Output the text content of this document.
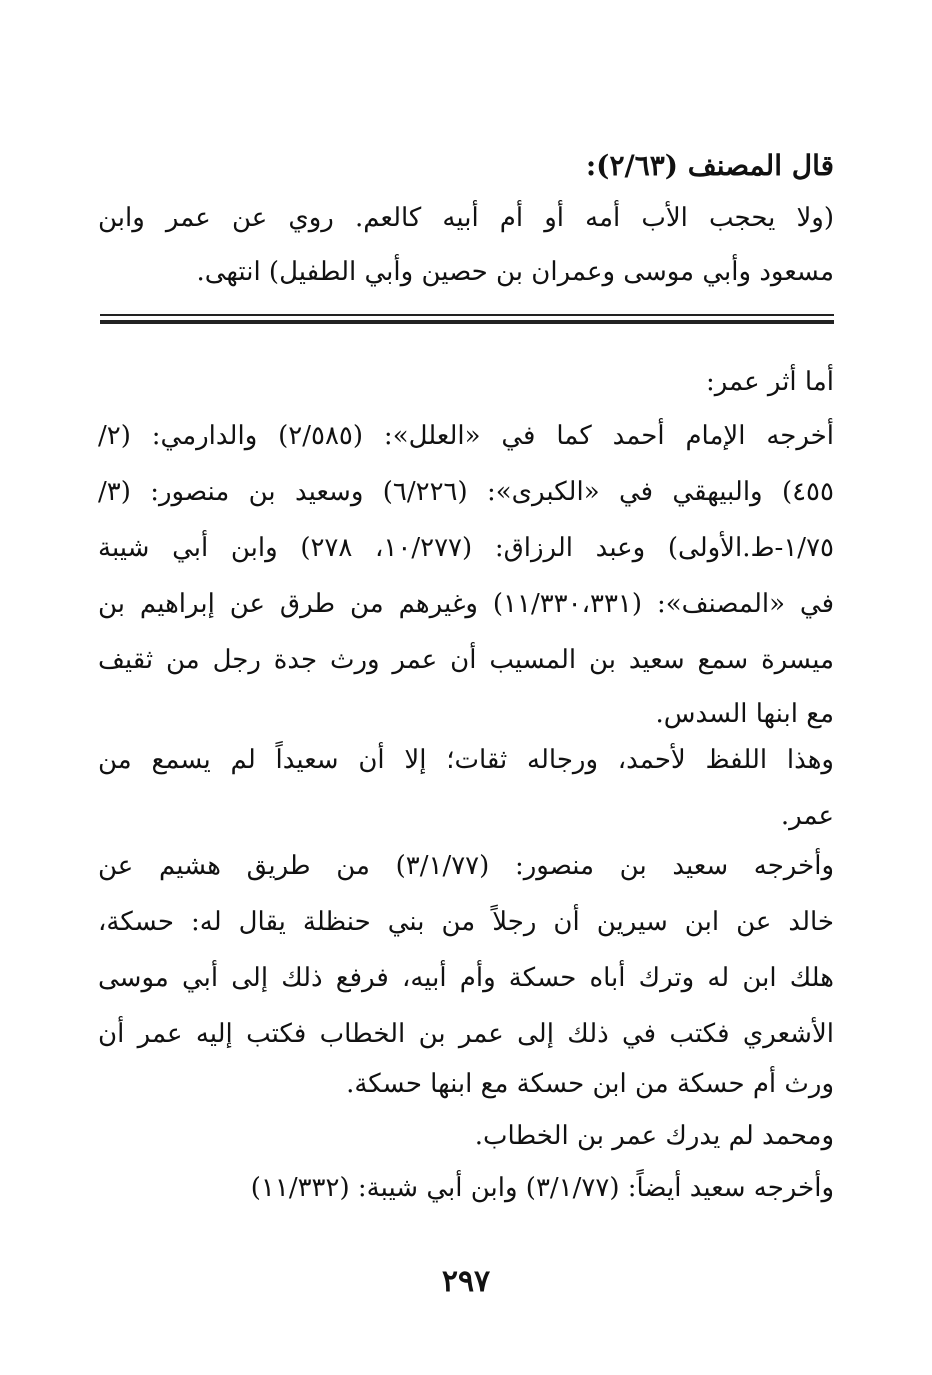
قال المصنف (٢/٦٣):
(ولا يحجب الأب أمه أو أم أبيه كالعم. روي عن عمر وابن
مسعود وأبي موسى وعمران بن حصين وأبي الطفيل) انتهى.
أما أثر عمر:
أخرجه الإمام أحمد كما في «العلل»: (٢/٥٨٥) والدارمي: (٢/
٤٥٥) والبيهقي في «الكبرى»: (٦/٢٢٦) وسعيد بن منصور: (٣/
١/٧٥-ط.الأولى) وعبد الرزاق: (١٠/٢٧٧، ٢٧٨) وابن أبي شيبة
في «المصنف»: (١١/٣٣٠،٣٣١) وغيرهم من طرق عن إبراهيم بن
ميسرة سمع سعيد بن المسيب أن عمر ورث جدة رجل من ثقيف
مع ابنها السدس.
وهذا اللفظ لأحمد، ورجاله ثقات؛ إلا أن سعيداً لم يسمع من
عمر.
وأخرجه سعيد بن منصور: (٣/١/٧٧) من طريق هشيم عن
خالد عن ابن سيرين أن رجلاً من بني حنظلة يقال له: حسكة،
هلك ابن له وترك أباه حسكة وأم أبيه، فرفع ذلك إلى أبي موسى
الأشعري فكتب في ذلك إلى عمر بن الخطاب فكتب إليه عمر أن
ورث أم حسكة من ابن حسكة مع ابنها حسكة.
ومحمد لم يدرك عمر بن الخطاب.
وأخرجه سعيد أيضاً: (٣/١/٧٧) وابن أبي شيبة: (١١/٣٣٢)
٢٩٧
